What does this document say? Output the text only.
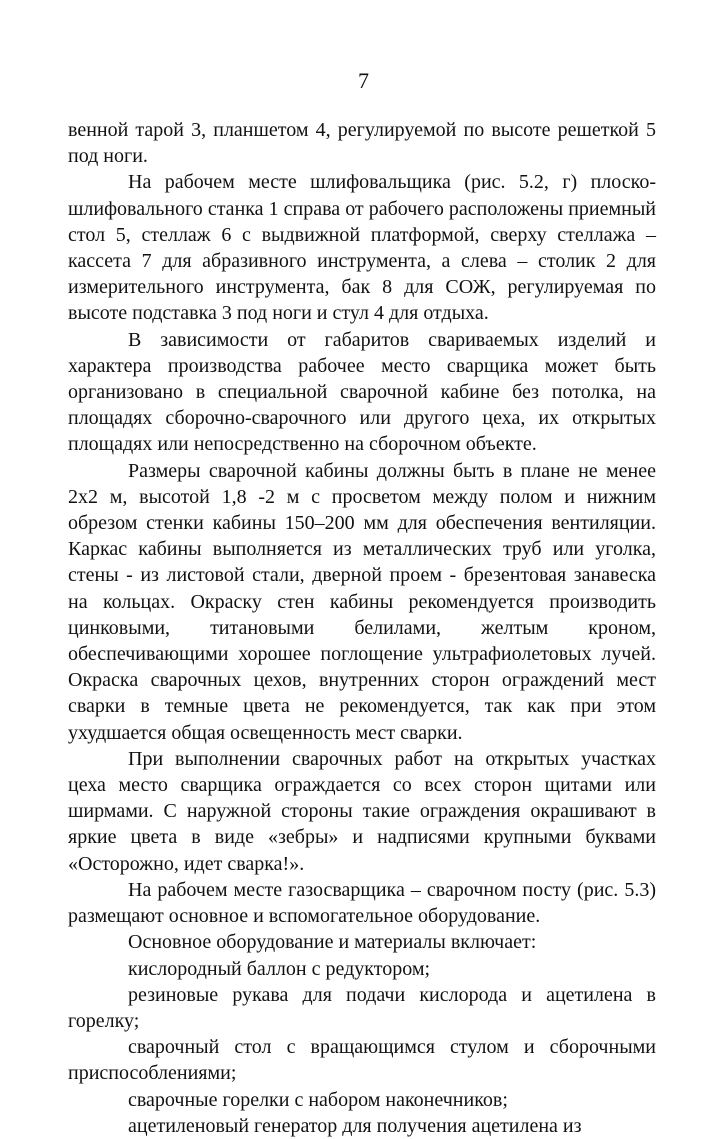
7

венной тарой 3, планшетом 4, регулируемой по высоте решеткой 5 под ноги.

На рабочем месте шлифовальщика (рис. 5.2, г) плоско-шлифовального станка 1 справа от рабочего расположены приемный стол 5, стеллаж 6 с выдвижной платформой, сверху стеллажа – кассета 7 для абразивного инструмента, а слева – столик 2 для измерительного инструмента, бак 8 для СОЖ, регулируемая по высоте подставка 3 под ноги и стул 4 для отдыха.

В зависимости от габаритов свариваемых изделий и характера производства рабочее место сварщика может быть организовано в специальной сварочной кабине без потолка, на площадях сборочно-сварочного или другого цеха, их открытых площадях или непосредственно на сборочном объекте.

Размеры сварочной кабины должны быть в плане не менее 2х2 м, высотой 1,8 -2 м с просветом между полом и нижним обрезом стенки кабины 150–200 мм для обеспечения вентиляции. Каркас кабины выполняется из металлических труб или уголка, стены - из листовой стали, дверной проем - брезентовая занавеска на кольцах. Окраску стен кабины рекомендуется производить цинковыми, титановыми белилами, желтым кроном, обеспечивающими хорошее поглощение ультрафиолетовых лучей. Окраска сварочных цехов, внутренних сторон ограждений мест сварки в темные цвета не рекомендуется, так как при этом ухудшается общая освещенность мест сварки.

При выполнении сварочных работ на открытых участках цеха место сварщика ограждается со всех сторон щитами или ширмами. С наружной стороны такие ограждения окрашивают в яркие цвета в виде «зебры» и надписями крупными буквами «Осторожно, идет сварка!».

На рабочем месте газосварщика – сварочном посту (рис. 5.3) размещают основное и вспомогательное оборудование.

Основное оборудование и материалы включает:

кислородный баллон с редуктором;

резиновые рукава для подачи кислорода и ацетилена в горелку;

сварочный стол с вращающимся стулом и сборочными приспособлениями;

сварочные горелки с набором наконечников;

ацетиленовый генератор для получения ацетилена из
